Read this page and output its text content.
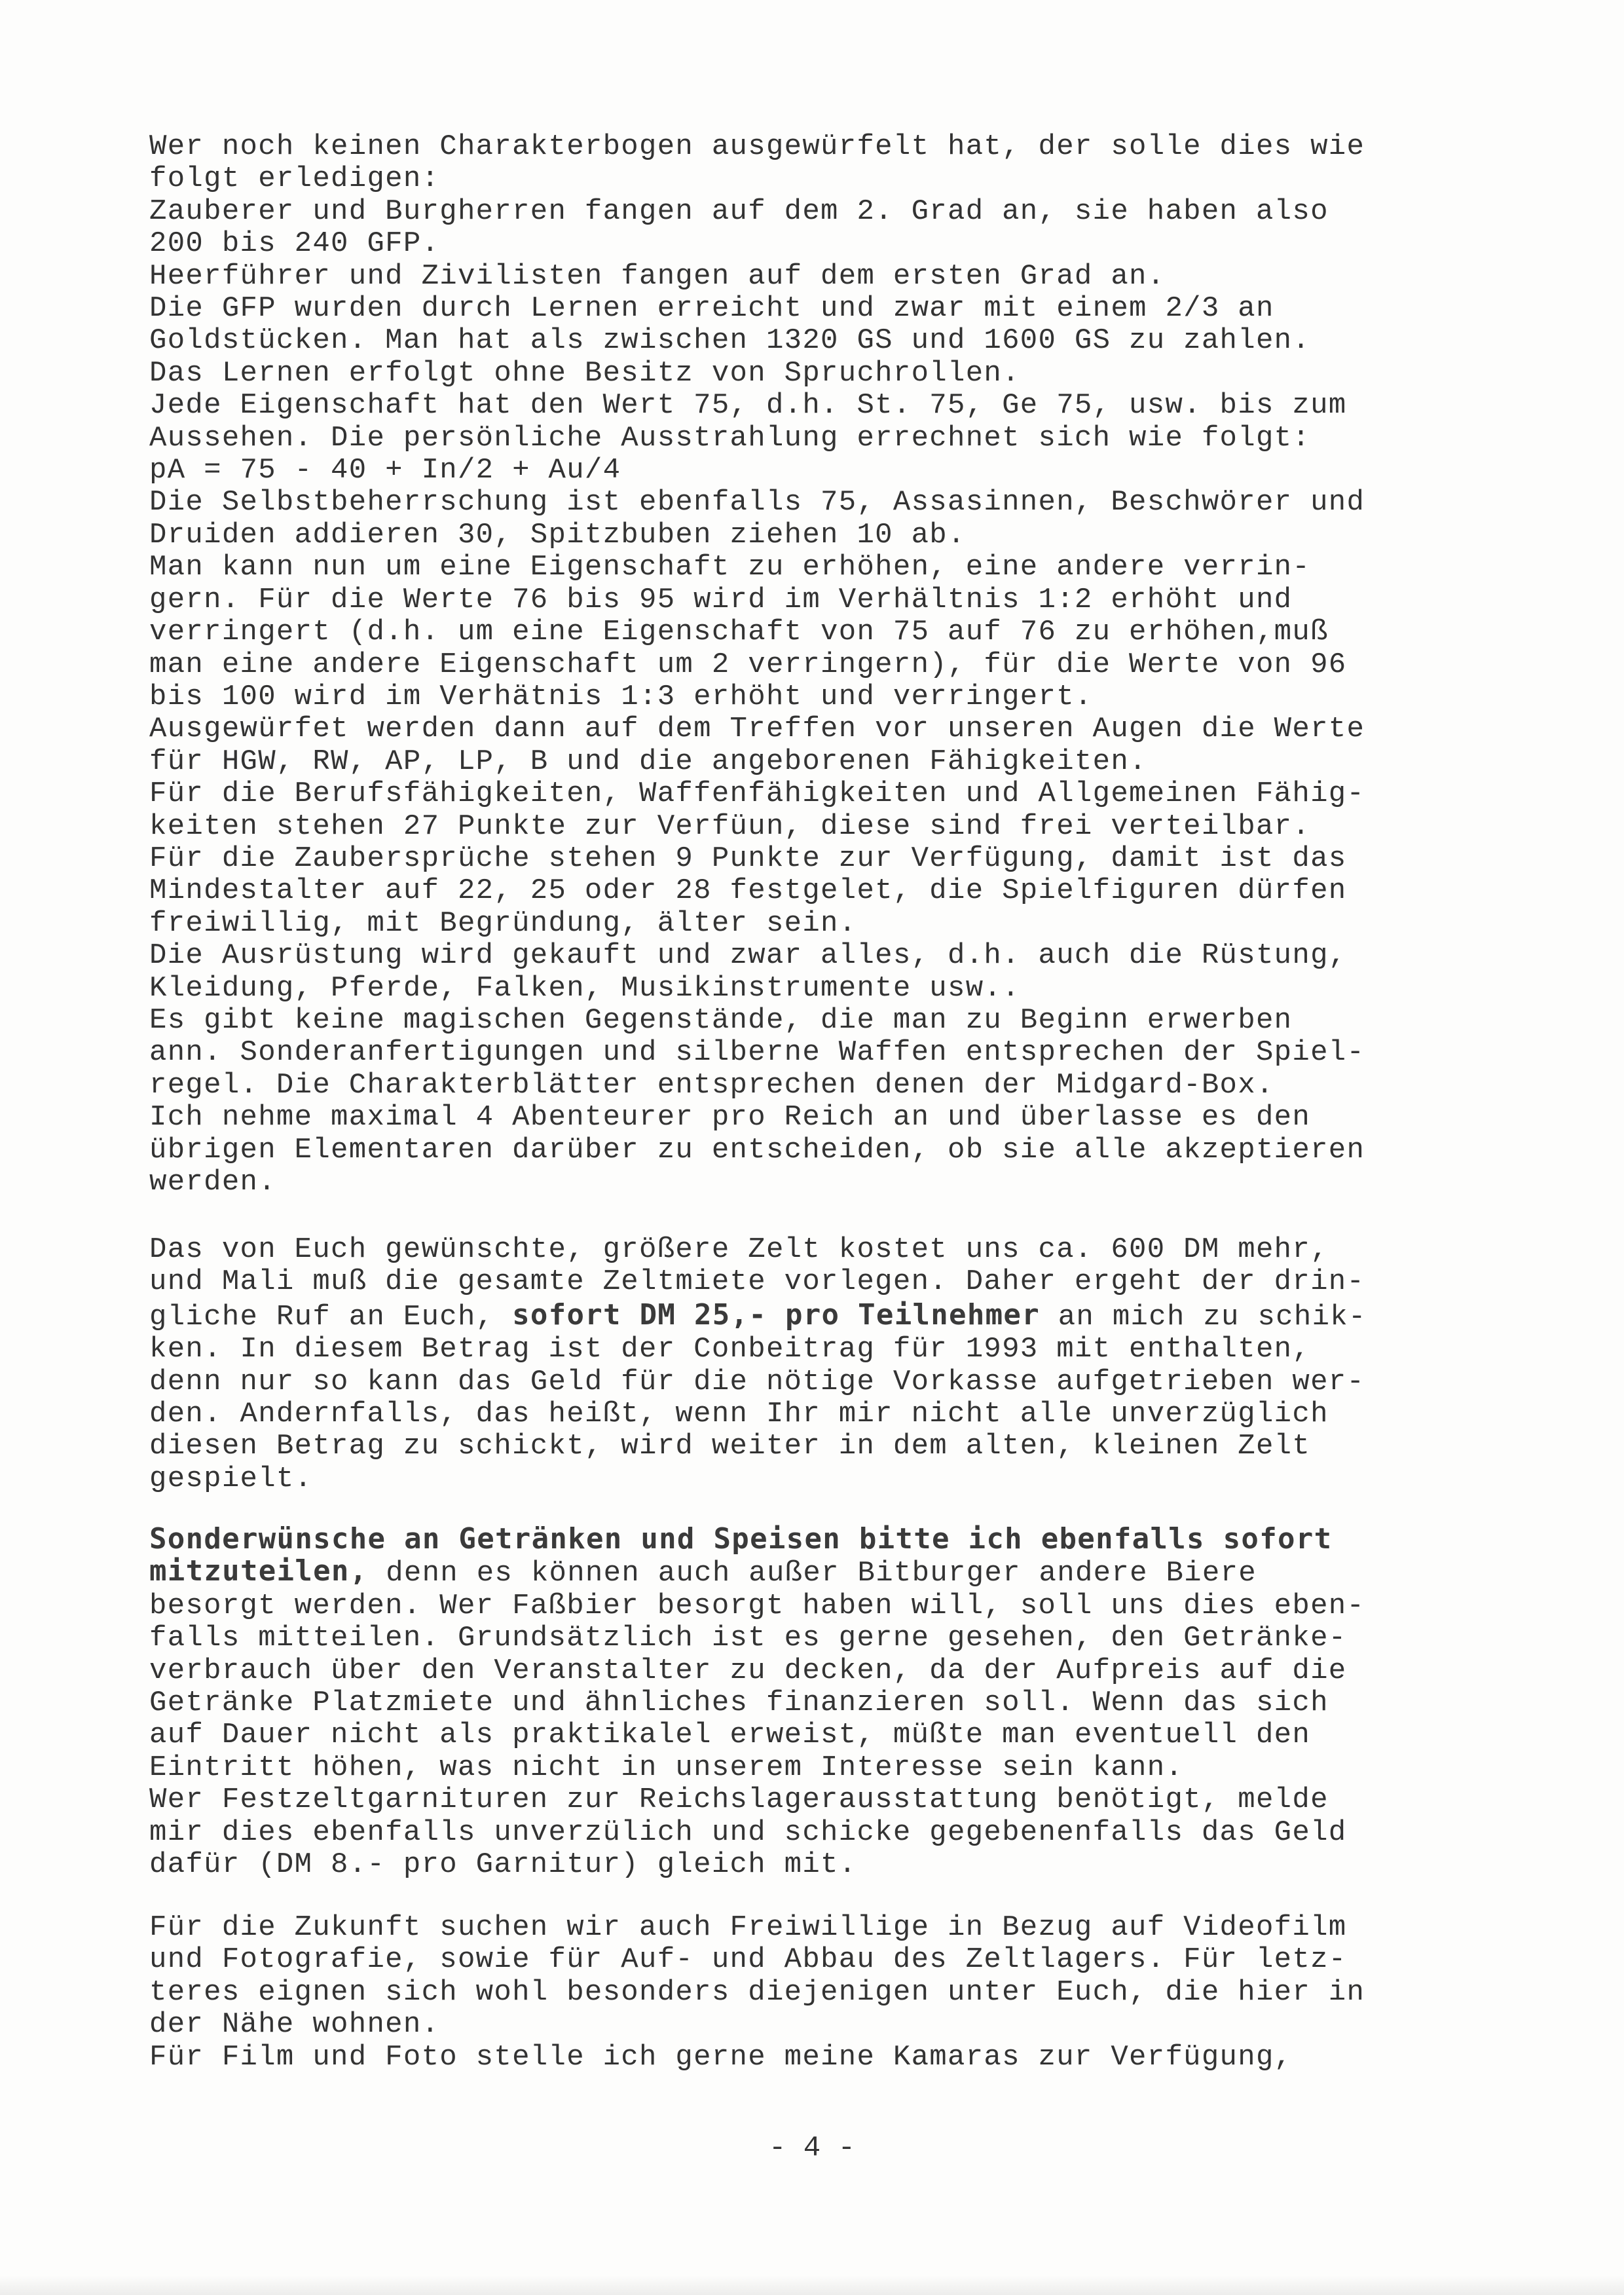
Wer noch keinen Charakterbogen ausgewürfelt hat, der solle dies wie
folgt erledigen:
Zauberer und Burgherren fangen auf dem 2. Grad an, sie haben also
200 bis 240 GFP.
Heerführer und Zivilisten fangen auf dem ersten Grad an.
Die GFP wurden durch Lernen erreicht und zwar mit einem 2/3 an
Goldstücken. Man hat als zwischen 1320 GS und 1600 GS zu zahlen.
Das Lernen erfolgt ohne Besitz von Spruchrollen.
Jede Eigenschaft hat den Wert 75, d.h. St. 75, Ge 75, usw. bis zum
Aussehen. Die persönliche Ausstrahlung errechnet sich wie folgt:
pA = 75 - 40 + In/2 + Au/4
Die Selbstbeherrschung ist ebenfalls 75, Assasinnen, Beschwörer und
Druiden addieren 30, Spitzbuben ziehen 10 ab.
Man kann nun um eine Eigenschaft zu erhöhen, eine andere verrin-
gern. Für die Werte 76 bis 95 wird im Verhältnis 1:2 erhöht und
verringert (d.h. um eine Eigenschaft von 75 auf 76 zu erhöhen,muß
man eine andere Eigenschaft um 2 verringern), für die Werte von 96
bis 100 wird im Verhätnis 1:3 erhöht und verringert.
Ausgewürfet werden dann auf dem Treffen vor unseren Augen die Werte
für HGW, RW, AP, LP, B und die angeborenen Fähigkeiten.
Für die Berufsfähigkeiten, Waffenfähigkeiten und Allgemeinen Fähig-
keiten stehen 27 Punkte zur Verfüun, diese sind frei verteilbar.
Für die Zaubersprüche stehen 9 Punkte zur Verfügung, damit ist das
Mindestalter auf 22, 25 oder 28 festgelet, die Spielfiguren dürfen
freiwillig, mit Begründung, älter sein.
Die Ausrüstung wird gekauft und zwar alles, d.h. auch die Rüstung,
Kleidung, Pferde, Falken, Musikinstrumente usw..
Es gibt keine magischen Gegenstände, die man zu Beginn erwerben
ann. Sonderanfertigungen und silberne Waffen entsprechen der Spiel-
regel. Die Charakterblätter entsprechen denen der Midgard-Box.
Ich nehme maximal 4 Abenteurer pro Reich an und überlasse es den
übrigen Elementaren darüber zu entscheiden, ob sie alle akzeptieren
werden.
Das von Euch gewünschte, größere Zelt kostet uns ca. 600 DM mehr,
und Mali muß die gesamte Zeltmiete vorlegen. Daher ergeht der drin-
gliche Ruf an Euch, sofort DM 25,- pro Teilnehmer an mich zu schik-
ken. In diesem Betrag ist der Conbeitrag für 1993 mit enthalten,
denn nur so kann das Geld für die nötige Vorkasse aufgetrieben wer-
den. Andernfalls, das heißt, wenn Ihr mir nicht alle unverzüglich
diesen Betrag zu schickt, wird weiter in dem alten, kleinen Zelt
gespielt.
Sonderwünsche an Getränken und Speisen bitte ich ebenfalls sofort
mitzuteilen, denn es können auch außer Bitburger andere Biere
besorgt werden. Wer Faßbier besorgt haben will, soll uns dies eben-
falls mitteilen. Grundsätzlich ist es gerne gesehen, den Getränke-
verbrauch über den Veranstalter zu decken, da der Aufpreis auf die
Getränke Platzmiete und ähnliches finanzieren soll. Wenn das sich
auf Dauer nicht als praktikalel erweist, müßte man eventuell den
Eintritt höhen, was nicht in unserem Interesse sein kann.
Wer Festzeltgarnituren zur Reichslagerausstattung benötigt, melde
mir dies ebenfalls unverzülich und schicke gegebenenfalls das Geld
dafür (DM 8.- pro Garnitur) gleich mit.
Für die Zukunft suchen wir auch Freiwillige in Bezug auf Videofilm
und Fotografie, sowie für Auf- und Abbau des Zeltlagers. Für letz-
teres eignen sich wohl besonders diejenigen unter Euch, die hier in
der Nähe wohnen.
Für Film und Foto stelle ich gerne meine Kamaras zur Verfügung,
- 4 -
